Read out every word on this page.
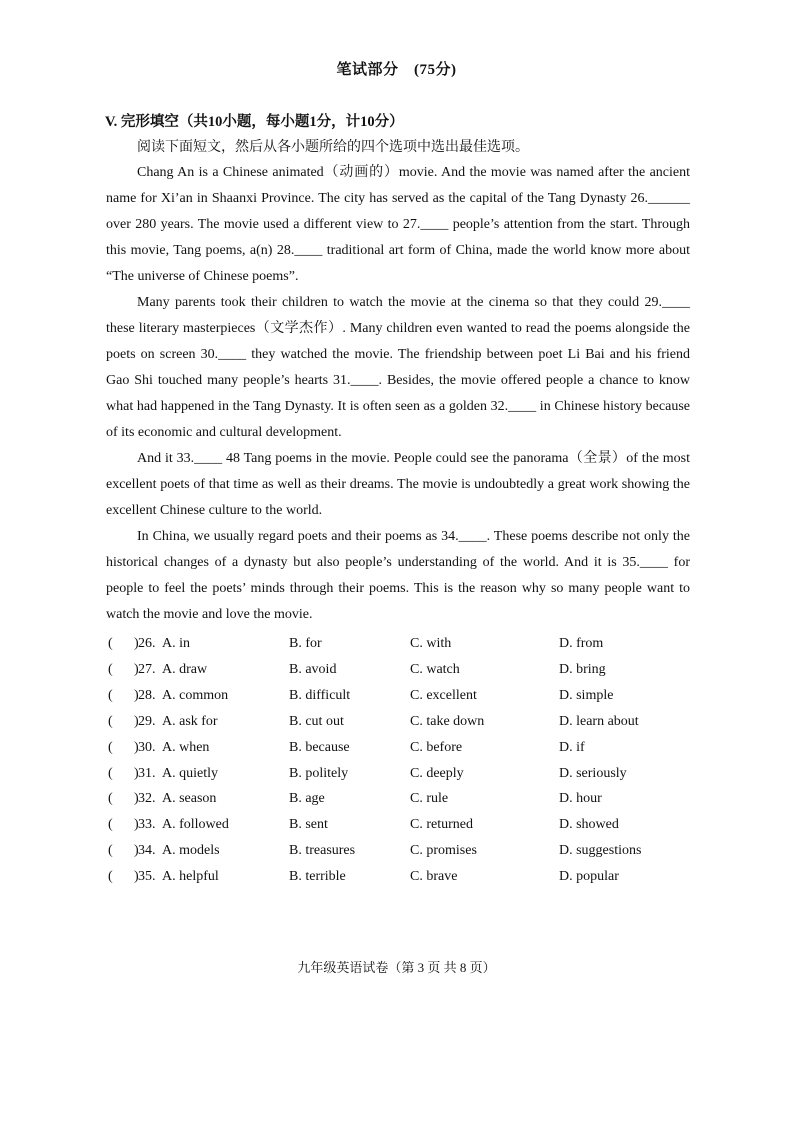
笔试部分　(75分)
V. 完形填空（共10小题，每小题1分，计10分）
阅读下面短文，然后从各小题所给的四个选项中选出最佳选项。

Chang An is a Chinese animated（动画的）movie. And the movie was named after the ancient name for Xi’an in Shaanxi Province. The city has served as the capital of the Tang Dynasty 26.______ over 280 years. The movie used a different view to 27.____ people’s attention from the start. Through this movie, Tang poems, a(n) 28.____ traditional art form of China, made the world know more about “The universe of Chinese poems”.

Many parents took their children to watch the movie at the cinema so that they could 29.____ these literary masterpieces（文学杰作）. Many children even wanted to read the poems alongside the poets on screen 30.____ they watched the movie. The friendship between poet Li Bai and his friend Gao Shi touched many people’s hearts 31.____. Besides, the movie offered people a chance to know what had happened in the Tang Dynasty. It is often seen as a golden 32.____ in Chinese history because of its economic and cultural development.

And it 33.____ 48 Tang poems in the movie. People could see the panorama（全景）of the most excellent poets of that time as well as their dreams. The movie is undoubtedly a great work showing the excellent Chinese culture to the world.

In China, we usually regard poets and their poems as 34.____. These poems describe not only the historical changes of a dynasty but also people’s understanding of the world. And it is 35.____ for people to feel the poets’ minds through their poems. This is the reason why so many people want to watch the movie and love the movie.

( ) 26. A. in	B. for	C. with	D. from
( ) 27. A. draw	B. avoid	C. watch	D. bring
( ) 28. A. common	B. difficult	C. excellent	D. simple
( ) 29. A. ask for	B. cut out	C. take down	D. learn about
( ) 30. A. when	B. because	C. before	D. if
( ) 31. A. quietly	B. politely	C. deeply	D. seriously
( ) 32. A. season	B. age	C. rule	D. hour
( ) 33. A. followed	B. sent	C. returned	D. showed
( ) 34. A. models	B. treasures	C. promises	D. suggestions
( ) 35. A. helpful	B. terrible	C. brave	D. popular
九年级英语试卷（第 3 页 共 8 页）
